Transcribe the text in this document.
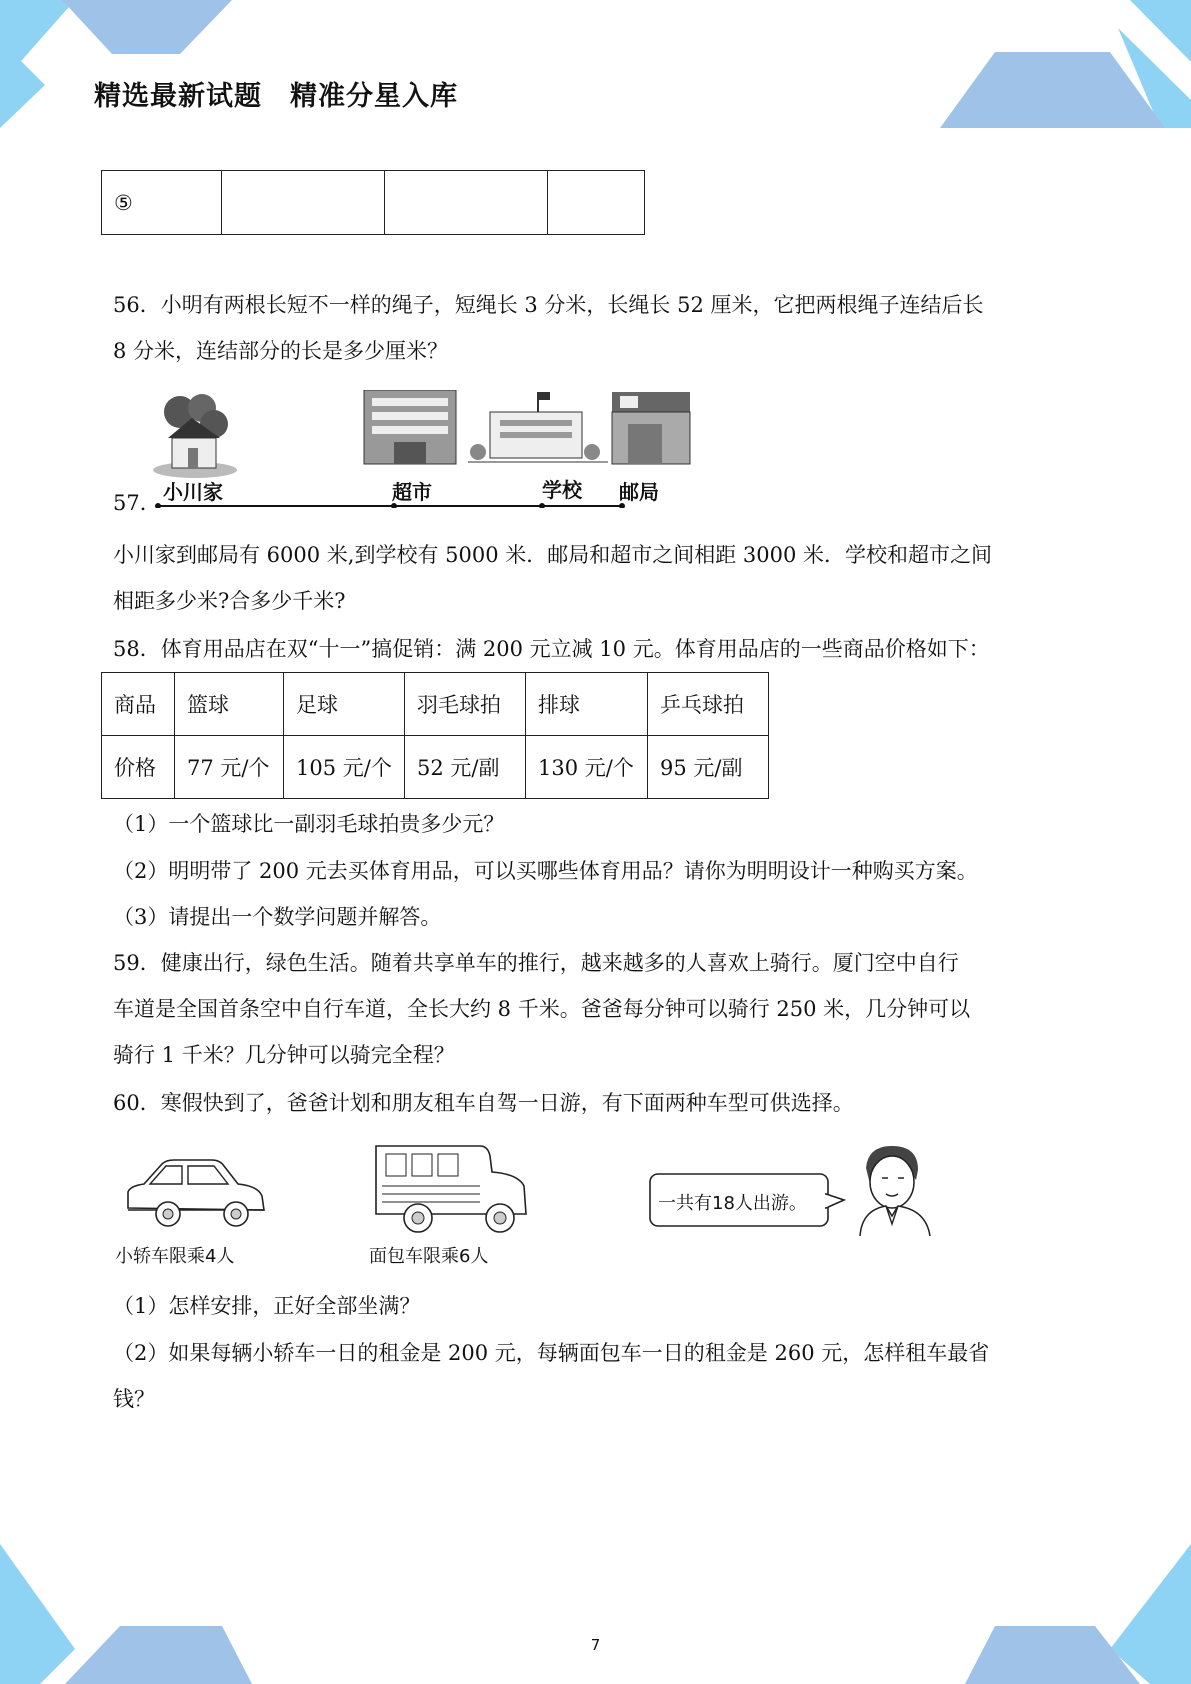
精选最新试题　精准分星入库
⑤			

56．小明有两根长短不一样的绳子，短绳长 3 分米，长绳长 52 厘米，它把两根绳子连结后长

8 分米，连结部分的长是多少厘米？

57． 小川家	超市	学校 邮局

小川家到邮局有 6000 米,到学校有 5000 米．邮局和超市之间相距 3000 米．学校和超市之间

相距多少米?合多少千米?

58．体育用品店在双“十一”搞促销：满 200 元立减 10 元。体育用品店的一些商品价格如下：

商品	篮球	足球	羽毛球拍	排球	乒乓球拍
价格	77 元/个	105 元/个	52 元/副	130 元/个	95 元/副

（1）一个篮球比一副羽毛球拍贵多少元？

（2）明明带了 200 元去买体育用品，可以买哪些体育用品？请你为明明设计一种购买方案。

（3）请提出一个数学问题并解答。

59．健康出行，绿色生活。随着共享单车的推行，越来越多的人喜欢上骑行。厦门空中自行

车道是全国首条空中自行车道，全长大约 8 千米。爸爸每分钟可以骑行 250 米，几分钟可以

骑行 1 千米？几分钟可以骑完全程？

60．寒假快到了，爸爸计划和朋友租车自驾一日游，有下面两种车型可供选择。

小轿车限乘4人	面包车限乘6人
一共有18人出游。

（1）怎样安排，正好全部坐满？

（2）如果每辆小轿车一日的租金是 200 元，每辆面包车一日的租金是 260 元，怎样租车最省

钱？

7
